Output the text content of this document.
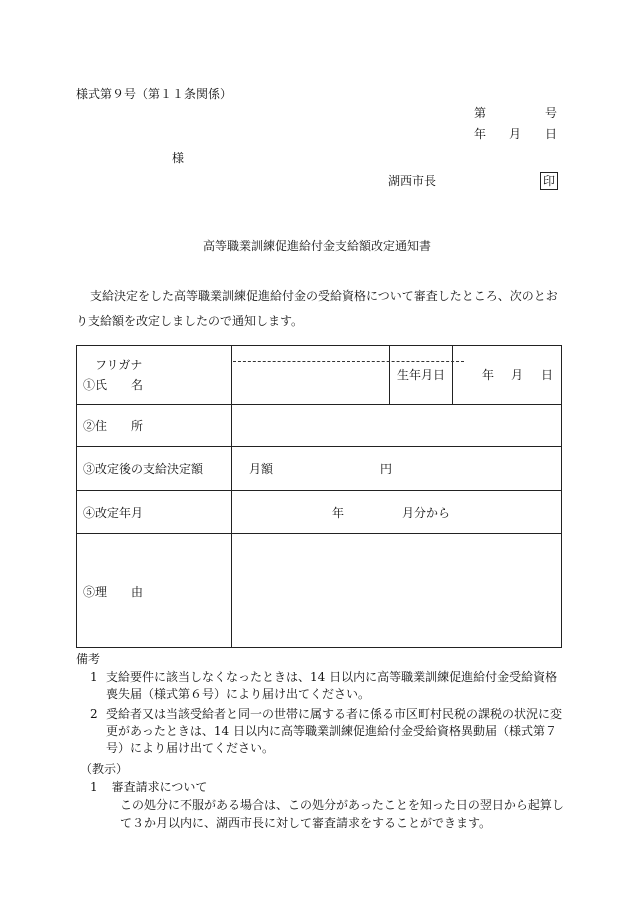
様式第９号（第１１条関係）
第	号
年 月 日
様
湖西市長	印
高等職業訓練促進給付金支給額改定通知書
支給決定をした高等職業訓練促進給付金の受給資格について審査したところ、次のとおり支給額を改定しましたので通知します。
フリガナ
①氏　　名
生年月日	年 月 日
②住　　所
③改定後の支給決定額	月額	円
④改定年月	年	月分から
⑤理　　由
備考
1 支給要件に該当しなくなったときは、14 日以内に高等職業訓練促進給付金受給資格喪失届（様式第６号）により届け出てください。
2 受給者又は当該受給者と同一の世帯に属する者に係る市区町村民税の課税の状況に変更があったときは、14 日以内に高等職業訓練促進給付金受給資格異動届（様式第７号）により届け出てください。
（教示）
1 審査請求について
この処分に不服がある場合は、この処分があったことを知った日の翌日から起算して３か月以内に、湖西市長に対して審査請求をすることができます。
